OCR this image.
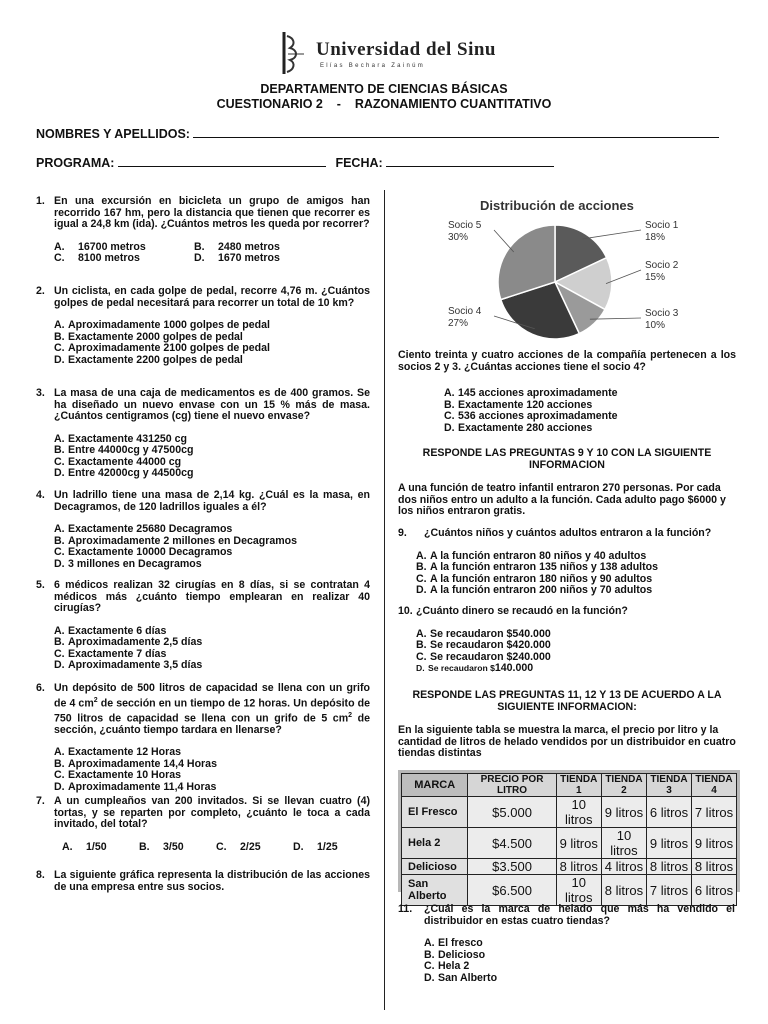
Universidad del Sinu
Elías Bechara Zainúm
DEPARTAMENTO DE CIENCIAS BÁSICAS
CUESTIONARIO 2    -    RAZONAMIENTO CUANTITATIVO
NOMBRES Y APELLIDOS:
PROGRAMA:	FECHA:
1. En una excursión en bicicleta un grupo de amigos han recorrido 167 hm, pero la distancia que tienen que recorrer es igual a 24,8 km (ida). ¿Cuántos metros les queda por recorrer?
A.	16700 metros	B.	2480 metros
C.	8100 metros	D.	1670 metros
2. Un ciclista, en cada golpe de pedal, recorre 4,76 m. ¿Cuántos golpes de pedal necesitará para recorrer un total de 10 km?
A. Aproximadamente 1000 golpes de pedal
B. Exactamente 2000 golpes de pedal
C. Aproximadamente 2100 golpes de pedal
D. Exactamente 2200 golpes de pedal
3. La masa de una caja de medicamentos es de 400 gramos. Se ha diseñado un nuevo envase con un 15 % más de masa. ¿Cuántos centigramos (cg) tiene el nuevo envase?
A. Exactamente 431250 cg
B. Entre 44000cg y 47500cg
C. Exactamente 44000 cg
D. Entre 42000cg y 44500cg
4. Un ladrillo tiene una masa de 2,14 kg. ¿Cuál es la masa, en Decagramos, de 120 ladrillos iguales a él?
A. Exactamente 25680 Decagramos
B. Aproximadamente 2 millones en Decagramos
C. Exactamente 10000 Decagramos
D. 3 millones en Decagramos
5. 6 médicos realizan 32 cirugías en 8 días, si se contratan 4 médicos más ¿cuánto tiempo emplearan en realizar 40 cirugías?
A. Exactamente 6 días
B. Aproximadamente 2,5 días
C. Exactamente 7 días
D. Aproximadamente 3,5 días
6. Un depósito de 500 litros de capacidad se llena con un grifo de 4 $cm^2$ de sección en un tiempo de 12 horas. Un depósito de 750 litros de capacidad se llena con un grifo de 5 $cm^2$ de sección, ¿cuánto tiempo tardara en llenarse?
A. Exactamente 12 Horas
B. Aproximadamente 14,4 Horas
C. Exactamente 10 Horas
D. Aproximadamente 11,4 Horas
7. A un cumpleaños van 200 invitados. Si se llevan cuatro (4) tortas, y se reparten por completo, ¿cuánto le toca a cada invitado, del total?
A.	1/50	B.	3/50	C.	2/25	D.	1/25
8. La siguiente gráfica representa la distribución de las acciones de una empresa entre sus socios.
Distribución de acciones
Socio 1
18%
Socio 2
15%
Socio 3
10%
Socio 4
27%
Socio 5
30%
Ciento treinta y cuatro acciones de la compañía pertenecen a los socios 2 y 3. ¿Cuántas acciones tiene el socio 4?
A. 145 acciones aproximadamente
B. Exactamente 120 acciones
C. 536 acciones aproximadamente
D. Exactamente 280 acciones
RESPONDE LAS PREGUNTAS 9 Y 10 CON LA SIGUIENTE INFORMACION
A una función de teatro infantil entraron 270 personas. Por cada dos niños entro un adulto a la función. Cada adulto pago $6000 y los niños entraron gratis.
9.	¿Cuántos niños y cuántos adultos entraron a la función?
A. A la función entraron 80 niños y 40 adultos
B. A la función entraron 135 niños y 138 adultos
C. A la función entraron 180 niños y 90 adultos
D. A la función entraron 200 niños y 70 adultos
10. ¿Cuánto dinero se recaudó en la función?
A. Se recaudaron $540.000
B. Se recaudaron $420.000
C. Se recaudaron $240.000
D. Se recaudaron $ 140.000
RESPONDE LAS PREGUNTAS 11, 12 Y 13 DE ACUERDO A LA SIGUIENTE INFORMACION:
En la siguiente tabla se muestra la marca, el precio por litro y la cantidad de litros de helado vendidos por un distribuidor en cuatro tiendas distintas
MARCA	PRECIO POR LITRO	TIENDA 1	TIENDA 2	TIENDA 3	TIENDA 4
El Fresco	$5.000	10 litros	9 litros	6 litros	7 litros
Hela 2	$4.500	9 litros	10 litros	9 litros	9 litros
Delicioso	$3.500	8 litros	4 litros	8 litros	8 litros
San Alberto	$6.500	10 litros	8 litros	7 litros	6 litros
11.	¿Cuál es la marca de helado que más ha vendido el distribuidor en estas cuatro tiendas?
A. El fresco
B. Delicioso
C. Hela 2
D. San Alberto
